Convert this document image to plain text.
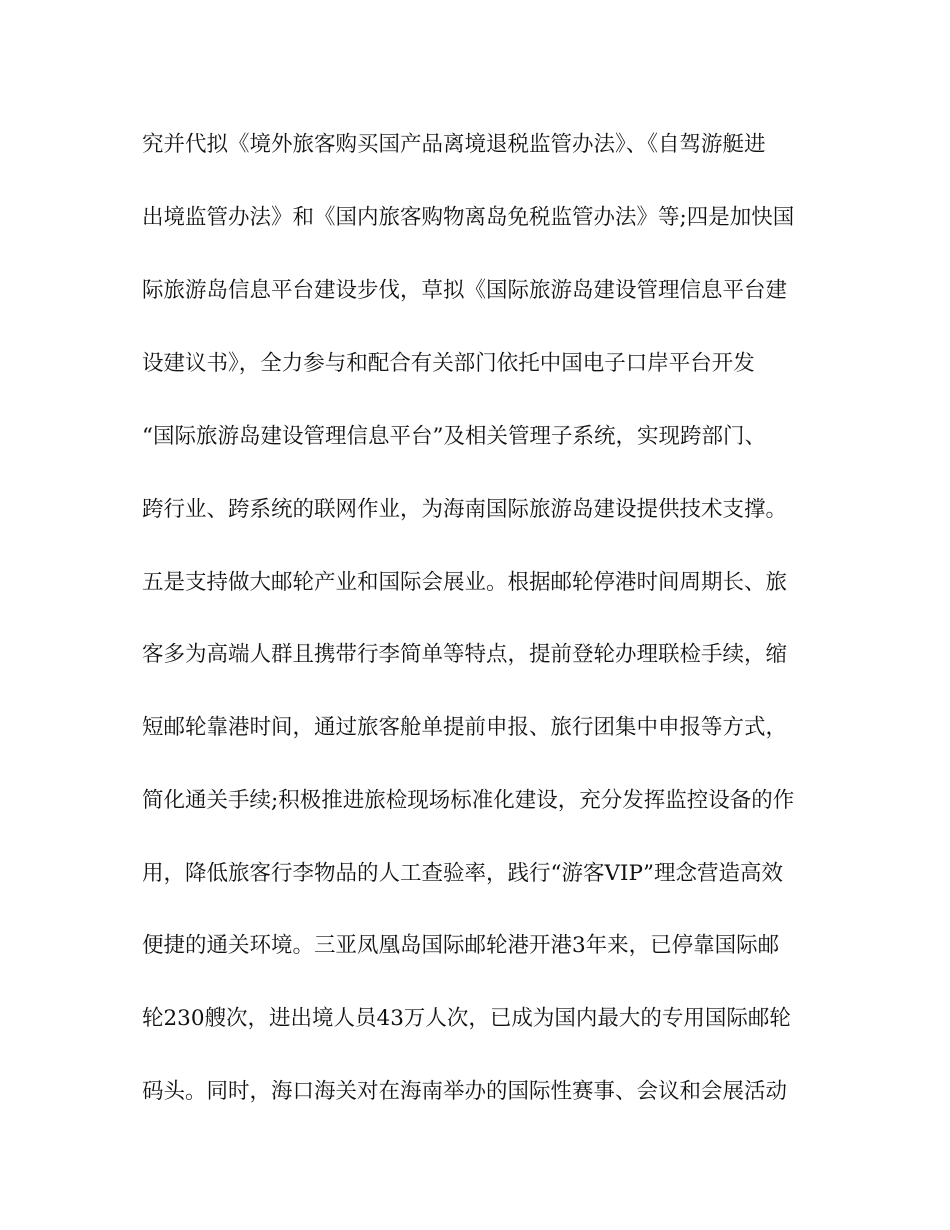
究并代拟《境外旅客购买国产品离境退税监管办法》、《自驾游艇进
出境监管办法》和《国内旅客购物离岛免税监管办法》等;四是加快国
际旅游岛信息平台建设步伐，草拟《国际旅游岛建设管理信息平台建
设建议书》，全力参与和配合有关部门依托中国电子口岸平台开发
“国际旅游岛建设管理信息平台”及相关管理子系统，实现跨部门、
跨行业、跨系统的联网作业，为海南国际旅游岛建设提供技术支撑。
五是支持做大邮轮产业和国际会展业。根据邮轮停港时间周期长、旅
客多为高端人群且携带行李简单等特点，提前登轮办理联检手续，缩
短邮轮靠港时间，通过旅客舱单提前申报、旅行团集中申报等方式，
简化通关手续;积极推进旅检现场标准化建设，充分发挥监控设备的作
用，降低旅客行李物品的人工查验率，践行“游客VIP”理念营造高效
便捷的通关环境。三亚凤凰岛国际邮轮港开港3年来，已停靠国际邮
轮230艘次，进出境人员43万人次，已成为国内最大的专用国际邮轮
码头。同时，海口海关对在海南举办的国际性赛事、会议和会展活动
